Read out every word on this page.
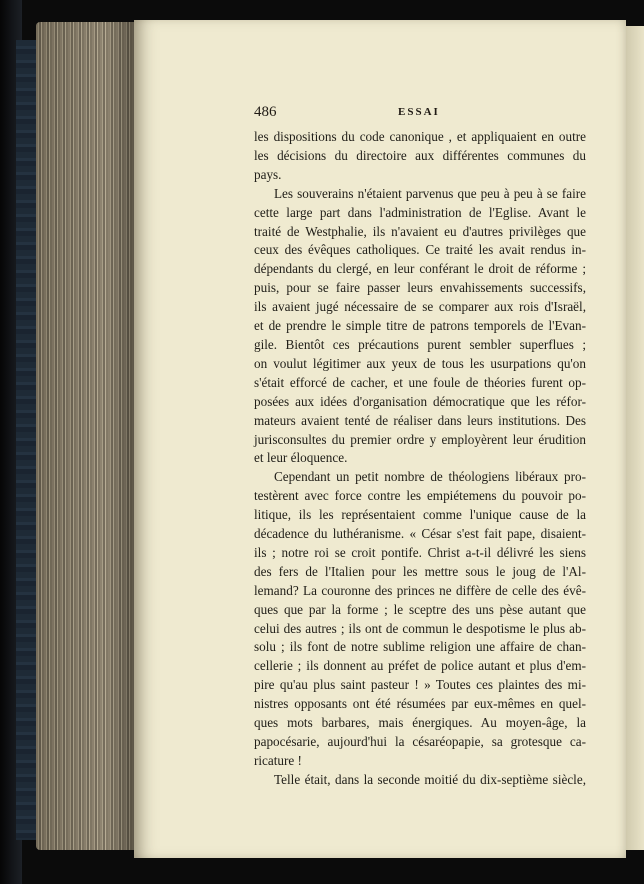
486	ESSAI
les dispositions du code canonique , et appliquaient en outre
les décisions du directoire aux différentes communes du
pays.
Les souverains n'étaient parvenus que peu à peu à se faire
cette large part dans l'administration de l'Eglise. Avant le
traité de Westphalie, ils n'avaient eu d'autres privilèges que
ceux des évêques catholiques. Ce traité les avait rendus in-
dépendants du clergé, en leur conférant le droit de réforme ;
puis, pour se faire passer leurs envahissements successifs,
ils avaient jugé nécessaire de se comparer aux rois d'Israël,
et de prendre le simple titre de patrons temporels de l'Evan-
gile. Bientôt ces précautions purent sembler superflues ;
on voulut légitimer aux yeux de tous les usurpations qu'on
s'était efforcé de cacher, et une foule de théories furent op-
posées aux idées d'organisation démocratique que les réfor-
mateurs avaient tenté de réaliser dans leurs institutions. Des
jurisconsultes du premier ordre y employèrent leur érudition
et leur éloquence.
Cependant un petit nombre de théologiens libéraux pro-
testèrent avec force contre les empiétemens du pouvoir po-
litique, ils les représentaient comme l'unique cause de la
décadence du luthéranisme. « César s'est fait pape, disaient-
ils ; notre roi se croit pontife. Christ a-t-il délivré les siens
des fers de l'Italien pour les mettre sous le joug de l'Al-
lemand? La couronne des princes ne diffère de celle des évê-
ques que par la forme ; le sceptre des uns pèse autant que
celui des autres ; ils ont de commun le despotisme le plus ab-
solu ; ils font de notre sublime religion une affaire de chan-
cellerie ; ils donnent au préfet de police autant et plus d'em-
pire qu'au plus saint pasteur ! » Toutes ces plaintes des mi-
nistres opposants ont été résumées par eux-mêmes en quel-
ques mots barbares, mais énergiques. Au moyen-âge, la
papocésarie, aujourd'hui la césaréopapie, sa grotesque ca-
ricature !
Telle était, dans la seconde moitié du dix-septième siècle,
